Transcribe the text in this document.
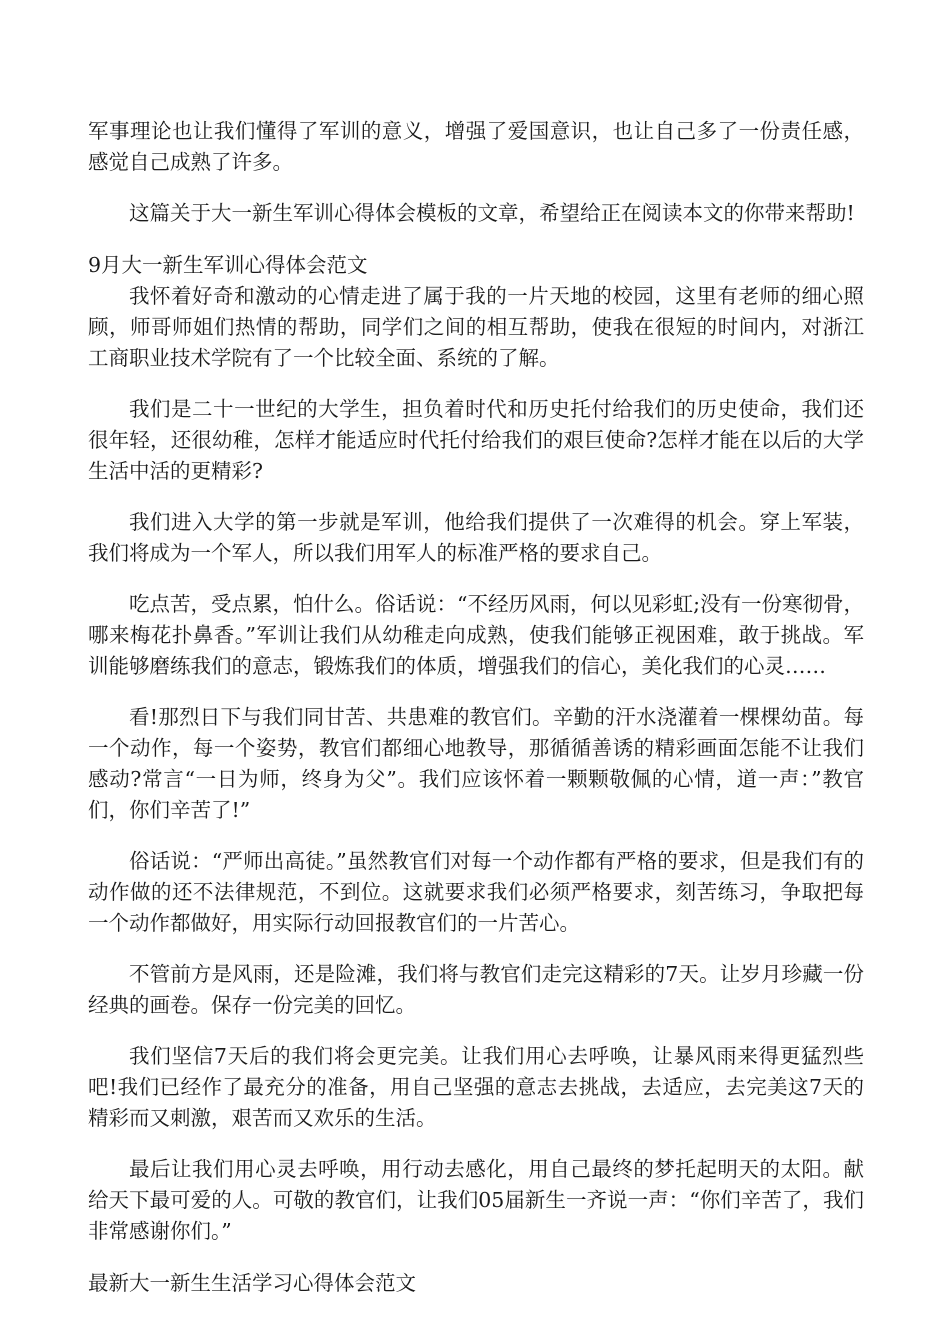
军事理论也让我们懂得了军训的意义，增强了爱国意识，也让自己多了一份责任感，感觉自己成熟了许多。

这篇关于大一新生军训心得体会模板的文章，希望给正在阅读本文的你带来帮助!

9月大一新生军训心得体会范文

我怀着好奇和激动的心情走进了属于我的一片天地的校园，这里有老师的细心照顾，师哥师姐们热情的帮助，同学们之间的相互帮助，使我在很短的时间内，对浙江工商职业技术学院有了一个比较全面、系统的了解。

我们是二十一世纪的大学生，担负着时代和历史托付给我们的历史使命，我们还很年轻，还很幼稚，怎样才能适应时代托付给我们的艰巨使命?怎样才能在以后的大学生活中活的更精彩?

我们进入大学的第一步就是军训，他给我们提供了一次难得的机会。穿上军装，我们将成为一个军人，所以我们用军人的标准严格的要求自己。

吃点苦，受点累，怕什么。俗话说：“不经历风雨，何以见彩虹;没有一份寒彻骨，哪来梅花扑鼻香。”军训让我们从幼稚走向成熟，使我们能够正视困难，敢于挑战。军训能够磨练我们的意志，锻炼我们的体质，增强我们的信心，美化我们的心灵……

看!那烈日下与我们同甘苦、共患难的教官们。辛勤的汗水浇灌着一棵棵幼苗。每一个动作，每一个姿势，教官们都细心地教导，那循循善诱的精彩画面怎能不让我们感动?常言“一日为师，终身为父”。我们应该怀着一颗颗敬佩的心情，道一声：”教官们，你们辛苦了!”

俗话说：“严师出高徒。”虽然教官们对每一个动作都有严格的要求，但是我们有的动作做的还不法律规范，不到位。这就要求我们必须严格要求，刻苦练习，争取把每一个动作都做好，用实际行动回报教官们的一片苦心。

不管前方是风雨，还是险滩，我们将与教官们走完这精彩的7天。让岁月珍藏一份经典的画卷。保存一份完美的回忆。

我们坚信7天后的我们将会更完美。让我们用心去呼唤，让暴风雨来得更猛烈些吧!我们已经作了最充分的准备，用自己坚强的意志去挑战，去适应，去完美这7天的精彩而又刺激，艰苦而又欢乐的生活。

最后让我们用心灵去呼唤，用行动去感化，用自己最终的梦托起明天的太阳。献给天下最可爱的人。可敬的教官们，让我们05届新生一齐说一声：“你们辛苦了，我们非常感谢你们。”

最新大一新生生活学习心得体会范文
